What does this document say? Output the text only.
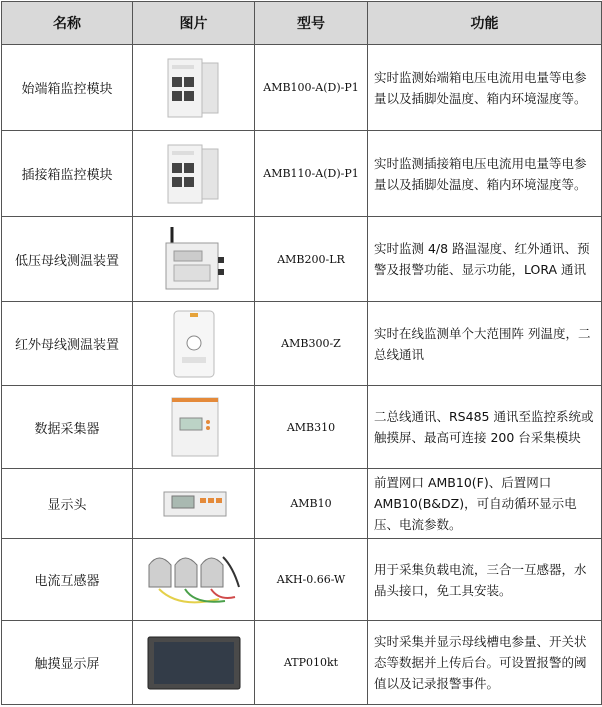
名称	图片	型号	功能
始端箱监控模块		AMB100-A(D)-P1	实时监测始端箱电压电流用电量等电参量以及插脚处温度、箱内环境湿度等。
插接箱监控模块		AMB110-A(D)-P1	实时监测插接箱电压电流用电量等电参量以及插脚处温度、箱内环境湿度等。
低压母线测温装置		AMB200-LR	实时监测 4/8 路温湿度、红外通讯、预警及报警功能、显示功能，LORA 通讯
红外母线测温装置		AMB300-Z	实时在线监测单个大范围阵 列温度，二总线通讯
数据采集器		AMB310	二总线通讯、RS485 通讯至监控系统或触摸屏、最高可连接 200 台采集模块
显示头		AMB10	前置网口 AMB10(F)、后置网口 AMB10(B&DZ)，可自动循环显示电压、电流参数。
电流互感器		AKH-0.66-W	用于采集负载电流，三合一互感器，水晶头接口，免工具安装。
触摸显示屏		ATP010kt	实时采集并显示母线槽电参量、开关状态等数据并上传后台。可设置报警的阈值以及记录报警事件。
